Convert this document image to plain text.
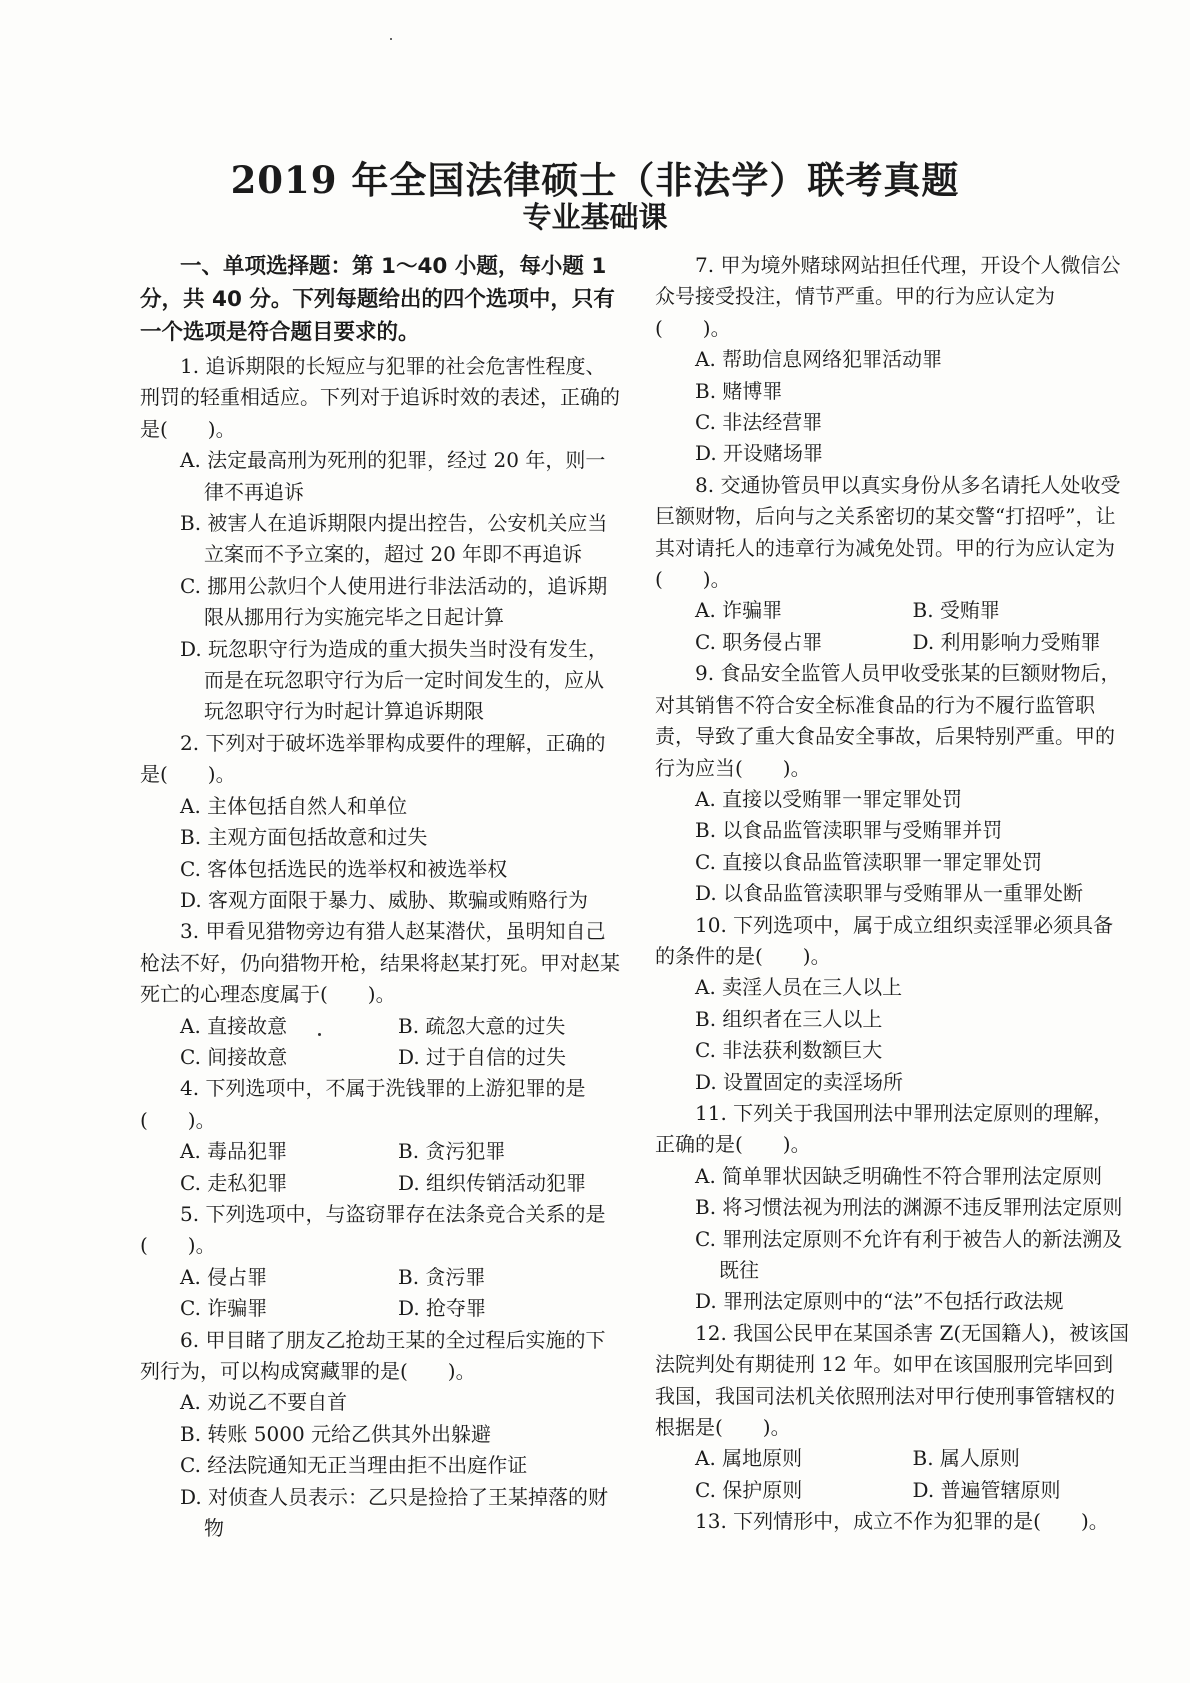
2019 年全国法律硕士（非法学）联考真题
专业基础课

一、单项选择题：第 1～40 小题，每小题 1 分，共 40 分。下列每题给出的四个选项中，只有一个选项是符合题目要求的。

1. 追诉期限的长短应与犯罪的社会危害性程度、刑罚的轻重相适应。下列对于追诉时效的表述，正确的是(　　)。

A. 法定最高刑为死刑的犯罪，经过 20 年，则一律不再追诉

B. 被害人在追诉期限内提出控告，公安机关应当立案而不予立案的，超过 20 年即不再追诉

C. 挪用公款归个人使用进行非法活动的，追诉期限从挪用行为实施完毕之日起计算

D. 玩忽职守行为造成的重大损失当时没有发生，而是在玩忽职守行为后一定时间发生的，应从玩忽职守行为时起计算追诉期限

2. 下列对于破坏选举罪构成要件的理解，正确的是(　　)。

A. 主体包括自然人和单位

B. 主观方面包括故意和过失

C. 客体包括选民的选举权和被选举权

D. 客观方面限于暴力、威胁、欺骗或贿赂行为

3. 甲看见猎物旁边有猎人赵某潜伏，虽明知自己枪法不好，仍向猎物开枪，结果将赵某打死。甲对赵某死亡的心理态度属于(　　)。

A. 直接故意	B. 疏忽大意的过失
C. 间接故意	D. 过于自信的过失

4. 下列选项中，不属于洗钱罪的上游犯罪的是(　　)。

A. 毒品犯罪	B. 贪污犯罪
C. 走私犯罪	D. 组织传销活动犯罪

5. 下列选项中，与盗窃罪存在法条竞合关系的是(　　)。

A. 侵占罪	B. 贪污罪
C. 诈骗罪	D. 抢夺罪

6. 甲目睹了朋友乙抢劫王某的全过程后实施的下列行为，可以构成窝藏罪的是(　　)。

A. 劝说乙不要自首

B. 转账 5000 元给乙供其外出躲避

C. 经法院通知无正当理由拒不出庭作证

D. 对侦查人员表示：乙只是捡拾了王某掉落的财物

7. 甲为境外赌球网站担任代理，开设个人微信公众号接受投注，情节严重。甲的行为应认定为(　　)。

A. 帮助信息网络犯罪活动罪

B. 赌博罪

C. 非法经营罪

D. 开设赌场罪

8. 交通协管员甲以真实身份从多名请托人处收受巨额财物，后向与之关系密切的某交警“打招呼”，让其对请托人的违章行为减免处罚。甲的行为应认定为(　　)。

A. 诈骗罪	B. 受贿罪
C. 职务侵占罪	D. 利用影响力受贿罪

9. 食品安全监管人员甲收受张某的巨额财物后，对其销售不符合安全标准食品的行为不履行监管职责，导致了重大食品安全事故，后果特别严重。甲的行为应当(　　)。

A. 直接以受贿罪一罪定罪处罚

B. 以食品监管渎职罪与受贿罪并罚

C. 直接以食品监管渎职罪一罪定罪处罚

D. 以食品监管渎职罪与受贿罪从一重罪处断

10. 下列选项中，属于成立组织卖淫罪必须具备的条件的是(　　)。

A. 卖淫人员在三人以上

B. 组织者在三人以上

C. 非法获利数额巨大

D. 设置固定的卖淫场所

11. 下列关于我国刑法中罪刑法定原则的理解，正确的是(　　)。

A. 简单罪状因缺乏明确性不符合罪刑法定原则

B. 将习惯法视为刑法的渊源不违反罪刑法定原则

C. 罪刑法定原则不允许有利于被告人的新法溯及既往

D. 罪刑法定原则中的“法”不包括行政法规

12. 我国公民甲在某国杀害 Z(无国籍人)，被该国法院判处有期徒刑 12 年。如甲在该国服刑完毕回到我国，我国司法机关依照刑法对甲行使刑事管辖权的根据是(　　)。

A. 属地原则	B. 属人原则
C. 保护原则	D. 普遍管辖原则

13. 下列情形中，成立不作为犯罪的是(　　)。
